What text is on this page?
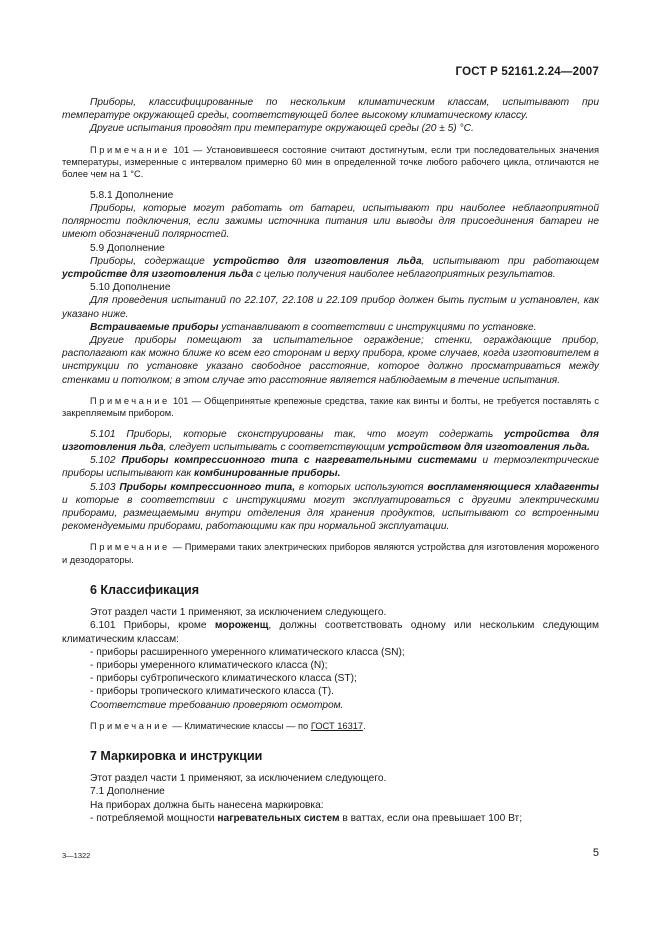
ГОСТ Р 52161.2.24—2007

Приборы, классифицированные по нескольким климатическим классам, испытывают при температуре окружающей среды, соответствующей более высокому климатическому классу.

Другие испытания проводят при температуре окружающей среды (20 ± 5) °С.

Примечание 101 — Установившееся состояние считают достигнутым, если три последовательных значения температуры, измеренные с интервалом примерно 60 мин в определенной точке любого рабочего цикла, отличаются не более чем на 1 °С.

5.8.1 Дополнение

Приборы, которые могут работать от батареи, испытывают при наиболее неблагоприятной полярности подключения, если зажимы источника питания или выводы для присоединения батареи не имеют обозначений полярностей.

5.9 Дополнение

Приборы, содержащие устройство для изготовления льда, испытывают при работающем устройстве для изготовления льда с целью получения наиболее неблагоприятных результатов.

5.10 Дополнение

Для проведения испытаний по 22.107, 22.108 и 22.109 прибор должен быть пустым и установлен, как указано ниже.

Встраиваемые приборы устанавливают в соответствии с инструкциями по установке.

Другие приборы помещают за испытательное ограждение; стенки, ограждающие прибор, располагают как можно ближе ко всем его сторонам и верху прибора, кроме случаев, когда изготовителем в инструкции по установке указано свободное расстояние, которое должно просматриваться между стенками и потолком; в этом случае это расстояние является наблюдаемым в течение испытания.

Примечание 101 — Общепринятые крепежные средства, такие как винты и болты, не требуется поставлять с закрепляемым прибором.

5.101 Приборы, которые сконструированы так, что могут содержать устройства для изготовления льда, следует испытывать с соответствующим устройством для изготовления льда.

5.102 Приборы компрессионного типа с нагревательными системами и термоэлектрические приборы испытывают как комбинированные приборы.

5.103 Приборы компрессионного типа, в которых используются воспламеняющиеся хладагенты и которые в соответствии с инструкциями могут эксплуатироваться с другими электрическими приборами, размещаемыми внутри отделения для хранения продуктов, испытывают со встроенными рекомендуемыми приборами, работающими как при нормальной эксплуатации.

Примечание — Примерами таких электрических приборов являются устройства для изготовления мороженого и дезодораторы.

6 Классификация

Этот раздел части 1 применяют, за исключением следующего.

6.101 Приборы, кроме мороженщ, должны соответствовать одному или нескольким следующим климатическим классам:

- приборы расширенного умеренного климатического класса (SN);
- приборы умеренного климатического класса (N);
- приборы субтропического климатического класса (ST);
- приборы тропического климатического класса (Т).

Соответствие требованию проверяют осмотром.

Примечание — Климатические классы — по ГОСТ 16317.

7 Маркировка и инструкции

Этот раздел части 1 применяют, за исключением следующего.

7.1 Дополнение

На приборах должна быть нанесена маркировка:

- потребляемой мощности нагревательных систем в ваттах, если она превышает 100 Вт;

3—1322	5
